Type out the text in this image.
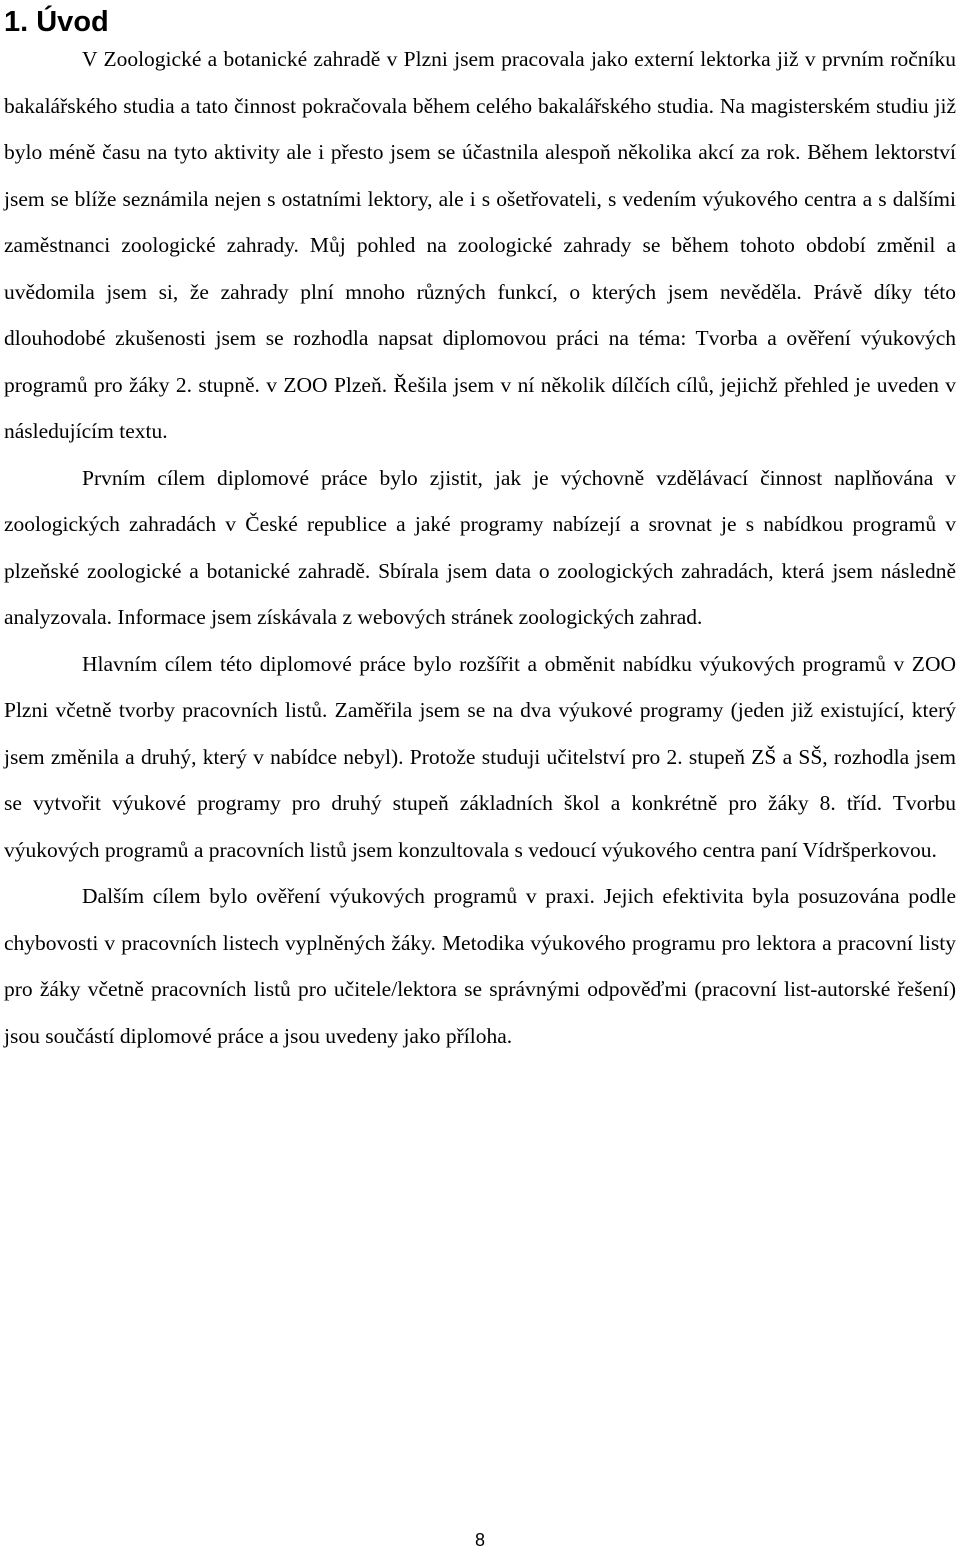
1. Úvod

V Zoologické a botanické zahradě v Plzni jsem pracovala jako externí lektorka již v prvním ročníku bakalářského studia a tato činnost pokračovala během celého bakalářského studia. Na magisterském studiu již bylo méně času na tyto aktivity ale i přesto jsem se účastnila alespoň několika akcí za rok. Během lektorství jsem se blíže seznámila nejen s ostatními lektory, ale i s ošetřovateli, s vedením výukového centra a s dalšími zaměstnanci zoologické zahrady. Můj pohled na zoologické zahrady se během tohoto období změnil a uvědomila jsem si, že zahrady plní mnoho různých funkcí, o kterých jsem nevěděla. Právě díky této dlouhodobé zkušenosti jsem se rozhodla napsat diplomovou práci na téma: Tvorba a ověření výukových programů pro žáky 2. stupně. v ZOO Plzeň. Řešila jsem v ní několik dílčích cílů, jejichž přehled je uveden v následujícím textu.

Prvním cílem diplomové práce bylo zjistit, jak je výchovně vzdělávací činnost naplňována v zoologických zahradách v České republice a jaké programy nabízejí a srovnat je s nabídkou programů v plzeňské zoologické a botanické zahradě. Sbírala jsem data o zoologických zahradách, která jsem následně analyzovala. Informace jsem získávala z webových stránek zoologických zahrad.

Hlavním cílem této diplomové práce bylo rozšířit a obměnit nabídku výukových programů v ZOO Plzni včetně tvorby pracovních listů. Zaměřila jsem se na dva výukové programy (jeden již existující, který jsem změnila a druhý, který v nabídce nebyl). Protože studuji učitelství pro 2. stupeň ZŠ a SŠ, rozhodla jsem se vytvořit výukové programy pro druhý stupeň základních škol a konkrétně pro žáky 8. tříd. Tvorbu výukových programů a pracovních listů jsem konzultovala s vedoucí výukového centra paní Vídršperkovou.

Dalším cílem bylo ověření výukových programů v praxi. Jejich efektivita byla posuzována podle chybovosti v pracovních listech vyplněných žáky. Metodika výukového programu pro lektora a pracovní listy pro žáky včetně pracovních listů pro učitele/lektora se správnými odpověďmi (pracovní list-autorské řešení) jsou součástí diplomové práce a jsou uvedeny jako příloha.

8
